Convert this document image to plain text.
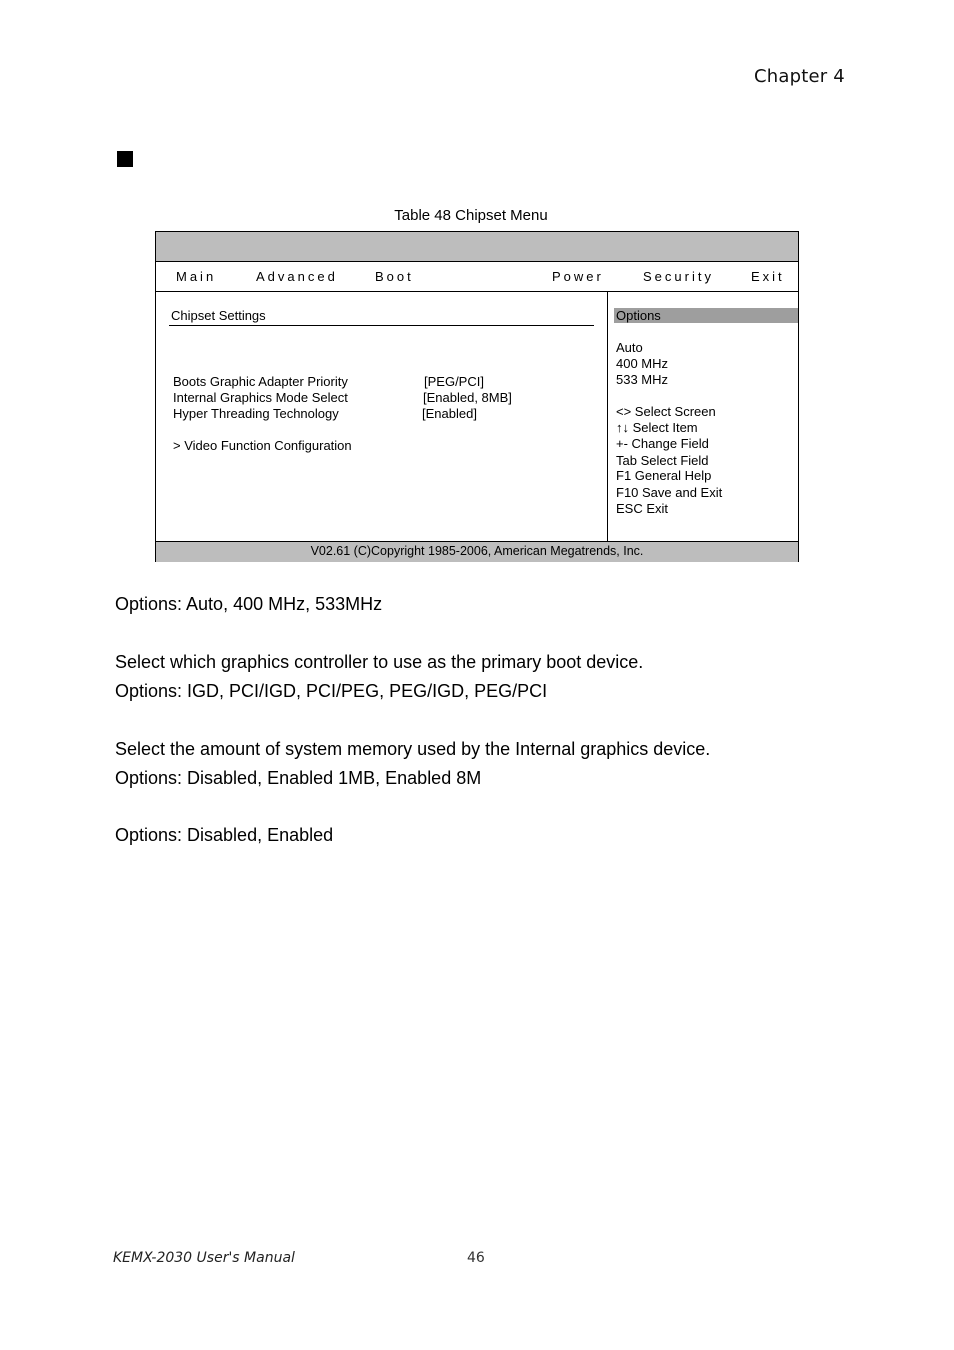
Chapter 4
Table 48 Chipset Menu
Main	Advanced	Boot	Power	Security	Exit
Chipset Settings
Boots Graphic Adapter Priority	[PEG/PCI]
Internal Graphics Mode Select	[Enabled, 8MB]
Hyper Threading Technology	[Enabled]
> Video Function Configuration
Options
Auto
400 MHz
533 MHz
<> Select Screen
↑↓ Select Item
+- Change Field
Tab Select Field
F1 General Help
F10 Save and Exit
ESC Exit
V02.61 (C)Copyright 1985-2006, American Megatrends, Inc.
Options: Auto, 400 MHz, 533MHz
Select which graphics controller to use as the primary boot device.
Options: IGD, PCI/IGD, PCI/PEG, PEG/IGD, PEG/PCI
Select the amount of system memory used by the Internal graphics device.
Options: Disabled, Enabled 1MB, Enabled 8M
Options: Disabled, Enabled
KEMX-2030 User's Manual	46
